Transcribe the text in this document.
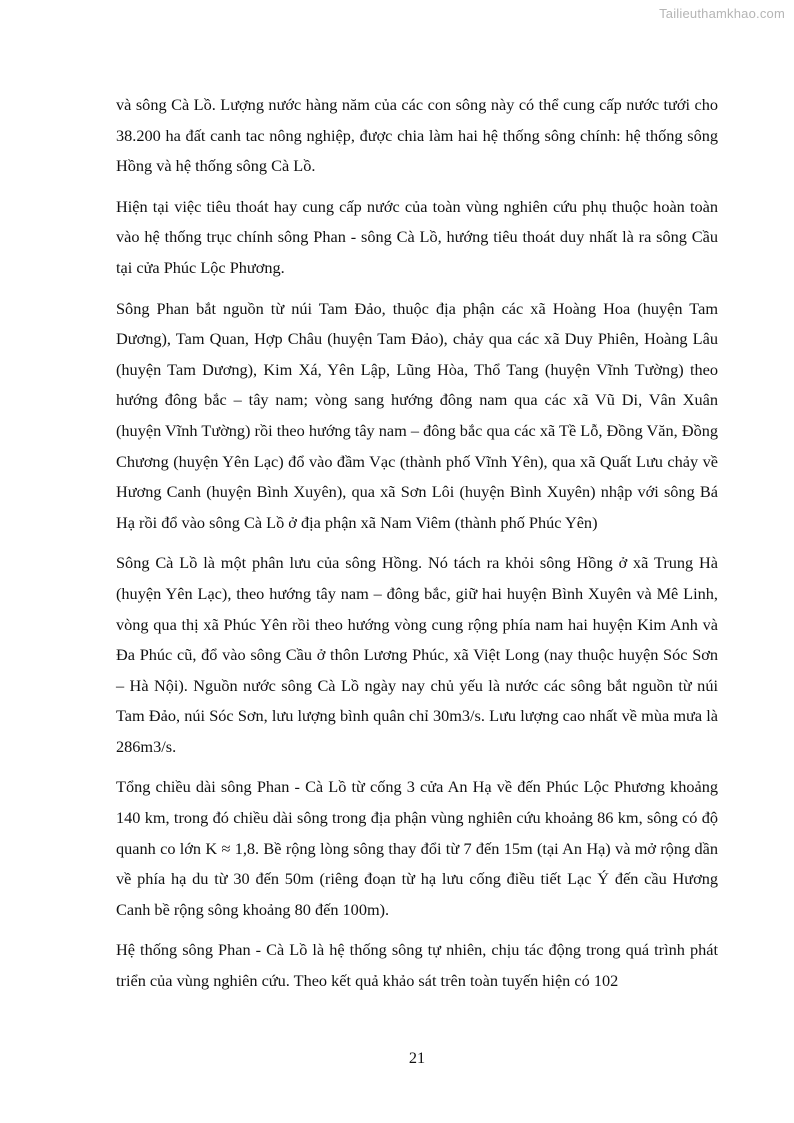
Tailieuthamkhao.com

và sông Cà Lồ. Lượng nước hàng năm của các con sông này có thể cung cấp nước tưới cho 38.200 ha đất canh tac nông nghiệp, được chia làm hai hệ thống sông chính: hệ thống sông Hồng và hệ thống sông Cà Lồ.

Hiện tại việc tiêu thoát hay cung cấp nước của toàn vùng nghiên cứu phụ thuộc hoàn toàn vào hệ thống trục chính sông Phan - sông Cà Lồ, hướng tiêu thoát duy nhất là ra sông Cầu tại cửa Phúc Lộc Phương.

Sông Phan bắt nguồn từ núi Tam Đảo, thuộc địa phận các xã Hoàng Hoa (huyện Tam Dương), Tam Quan, Hợp Châu (huyện Tam Đảo), chảy qua các xã Duy Phiên, Hoàng Lâu (huyện Tam Dương), Kim Xá, Yên Lập, Lũng Hòa, Thổ Tang (huyện Vĩnh Tường) theo hướng đông bắc – tây nam; vòng sang hướng đông nam qua các xã Vũ Di, Vân Xuân (huyện Vĩnh Tường) rồi theo hướng tây nam – đông bắc qua các xã Tề Lỗ, Đồng Văn, Đồng Chương (huyện Yên Lạc) đổ vào đầm Vạc (thành phố Vĩnh Yên), qua xã Quất Lưu chảy về Hương Canh (huyện Bình Xuyên), qua xã Sơn Lôi (huyện Bình Xuyên) nhập với sông Bá Hạ rồi đổ vào sông Cà Lồ ở địa phận xã Nam Viêm (thành phố Phúc Yên)

Sông Cà Lồ là một phân lưu của sông Hồng. Nó tách ra khỏi sông Hồng ở xã Trung Hà (huyện Yên Lạc), theo hướng tây nam – đông bắc, giữ hai huyện Bình Xuyên và Mê Linh, vòng qua thị xã Phúc Yên rồi theo hướng vòng cung rộng phía nam hai huyện Kim Anh và Đa Phúc cũ, đổ vào sông Cầu ở thôn Lương Phúc, xã Việt Long (nay thuộc huyện Sóc Sơn – Hà Nội). Nguồn nước sông Cà Lồ ngày nay chủ yếu là nước các sông bắt nguồn từ núi Tam Đảo, núi Sóc Sơn, lưu lượng bình quân chỉ 30m3/s. Lưu lượng cao nhất về mùa mưa là 286m3/s.

Tổng chiều dài sông Phan - Cà Lồ từ cống 3 cửa An Hạ về đến Phúc Lộc Phương khoảng 140 km, trong đó chiều dài sông trong địa phận vùng nghiên cứu khoảng 86 km, sông có độ quanh co lớn K ≈ 1,8. Bề rộng lòng sông thay đổi từ 7 đến 15m (tại An Hạ) và mở rộng dần về phía hạ du từ 30 đến 50m (riêng đoạn từ hạ lưu cống điều tiết Lạc Ý đến cầu Hương Canh bề rộng sông khoảng 80 đến 100m).

Hệ thống sông Phan - Cà Lồ là hệ thống sông tự nhiên, chịu tác động trong quá trình phát triển của vùng nghiên cứu. Theo kết quả khảo sát trên toàn tuyến hiện có 102

21
